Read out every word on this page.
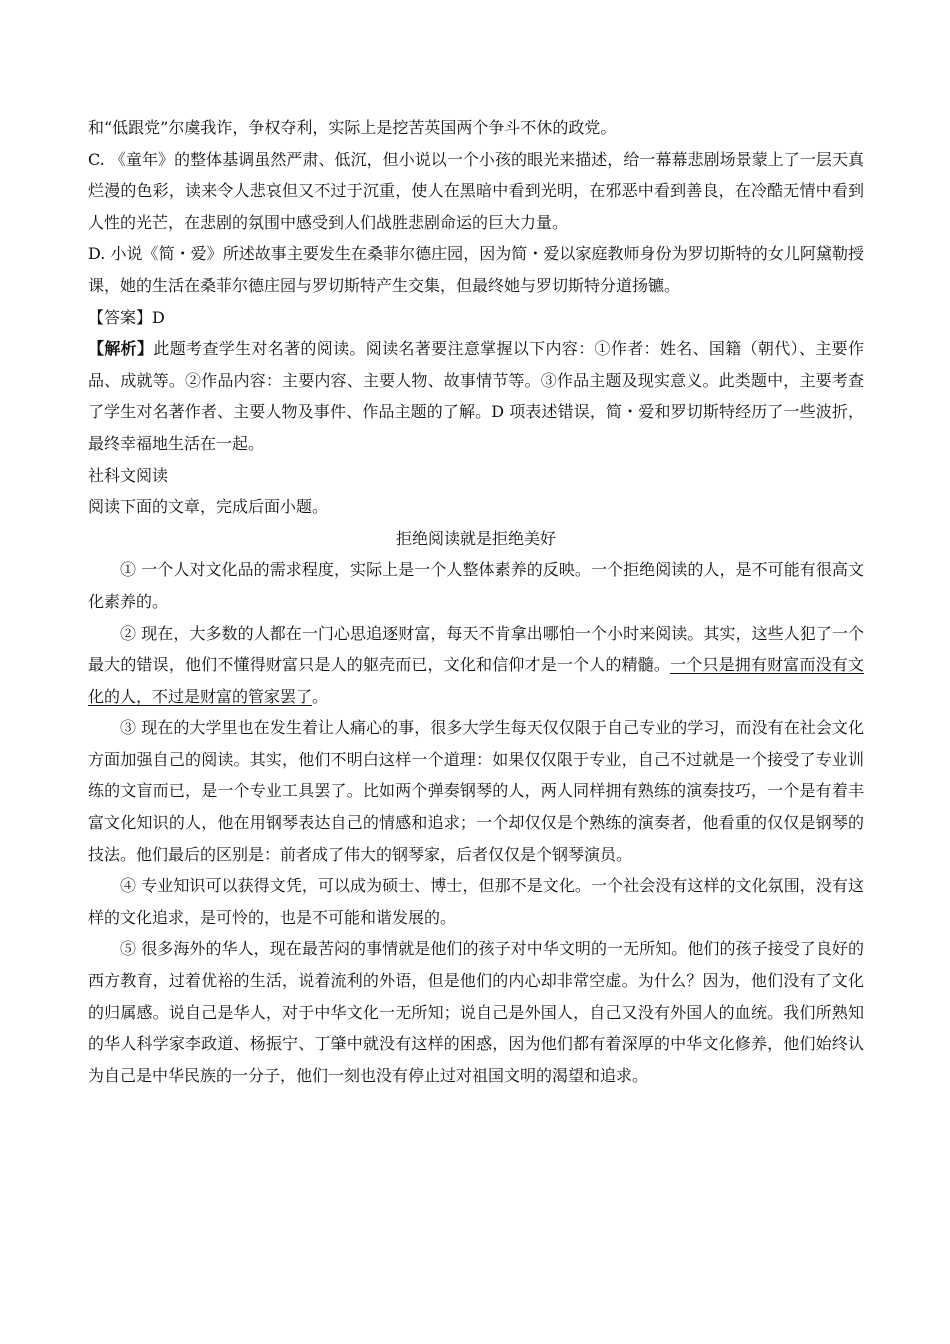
和“低跟党”尔虞我诈，争权夺利，实际上是挖苦英国两个争斗不休的政党。

C. 《童年》的整体基调虽然严肃、低沉，但小说以一个小孩的眼光来描述，给一幕幕悲剧场景蒙上了一层天真烂漫的色彩，读来令人悲哀但又不过于沉重，使人在黑暗中看到光明，在邪恶中看到善良，在冷酷无情中看到人性的光芒，在悲剧的氛围中感受到人们战胜悲剧命运的巨大力量。

D. 小说《简・爱》所述故事主要发生在桑菲尔德庄园，因为简・爱以家庭教师身份为罗切斯特的女儿阿黛勒授课，她的生活在桑菲尔德庄园与罗切斯特产生交集，但最终她与罗切斯特分道扬镳。

【答案】D

【解析】此题考查学生对名著的阅读。阅读名著要注意掌握以下内容：①作者：姓名、国籍（朝代）、主要作品、成就等。②作品内容：主要内容、主要人物、故事情节等。③作品主题及现实意义。此类题中，主要考查了学生对名著作者、主要人物及事件、作品主题的了解。D 项表述错误，简・爱和罗切斯特经历了一些波折，最终幸福地生活在一起。

社科文阅读

阅读下面的文章，完成后面小题。

拒绝阅读就是拒绝美好

① 一个人对文化品的需求程度，实际上是一个人整体素养的反映。一个拒绝阅读的人，是不可能有很高文化素养的。

② 现在，大多数的人都在一门心思追逐财富，每天不肯拿出哪怕一个小时来阅读。其实，这些人犯了一个最大的错误，他们不懂得财富只是人的躯壳而已，文化和信仰才是一个人的精髓。一个只是拥有财富而没有文化的人，不过是财富的管家罢了。

③ 现在的大学里也在发生着让人痛心的事，很多大学生每天仅仅限于自己专业的学习，而没有在社会文化方面加强自己的阅读。其实，他们不明白这样一个道理：如果仅仅限于专业，自己不过就是一个接受了专业训练的文盲而已，是一个专业工具罢了。比如两个弹奏钢琴的人，两人同样拥有熟练的演奏技巧，一个是有着丰富文化知识的人，他在用钢琴表达自己的情感和追求；一个却仅仅是个熟练的演奏者，他看重的仅仅是钢琴的技法。他们最后的区别是：前者成了伟大的钢琴家，后者仅仅是个钢琴演员。

④ 专业知识可以获得文凭，可以成为硕士、博士，但那不是文化。一个社会没有这样的文化氛围，没有这样的文化追求，是可怜的，也是不可能和谐发展的。

⑤ 很多海外的华人，现在最苦闷的事情就是他们的孩子对中华文明的一无所知。他们的孩子接受了良好的西方教育，过着优裕的生活，说着流利的外语，但是他们的内心却非常空虚。为什么？因为，他们没有了文化的归属感。说自己是华人，对于中华文化一无所知；说自己是外国人，自己又没有外国人的血统。我们所熟知的华人科学家李政道、杨振宁、丁肇中就没有这样的困惑，因为他们都有着深厚的中华文化修养，他们始终认为自己是中华民族的一分子，他们一刻也没有停止过对祖国文明的渴望和追求。
